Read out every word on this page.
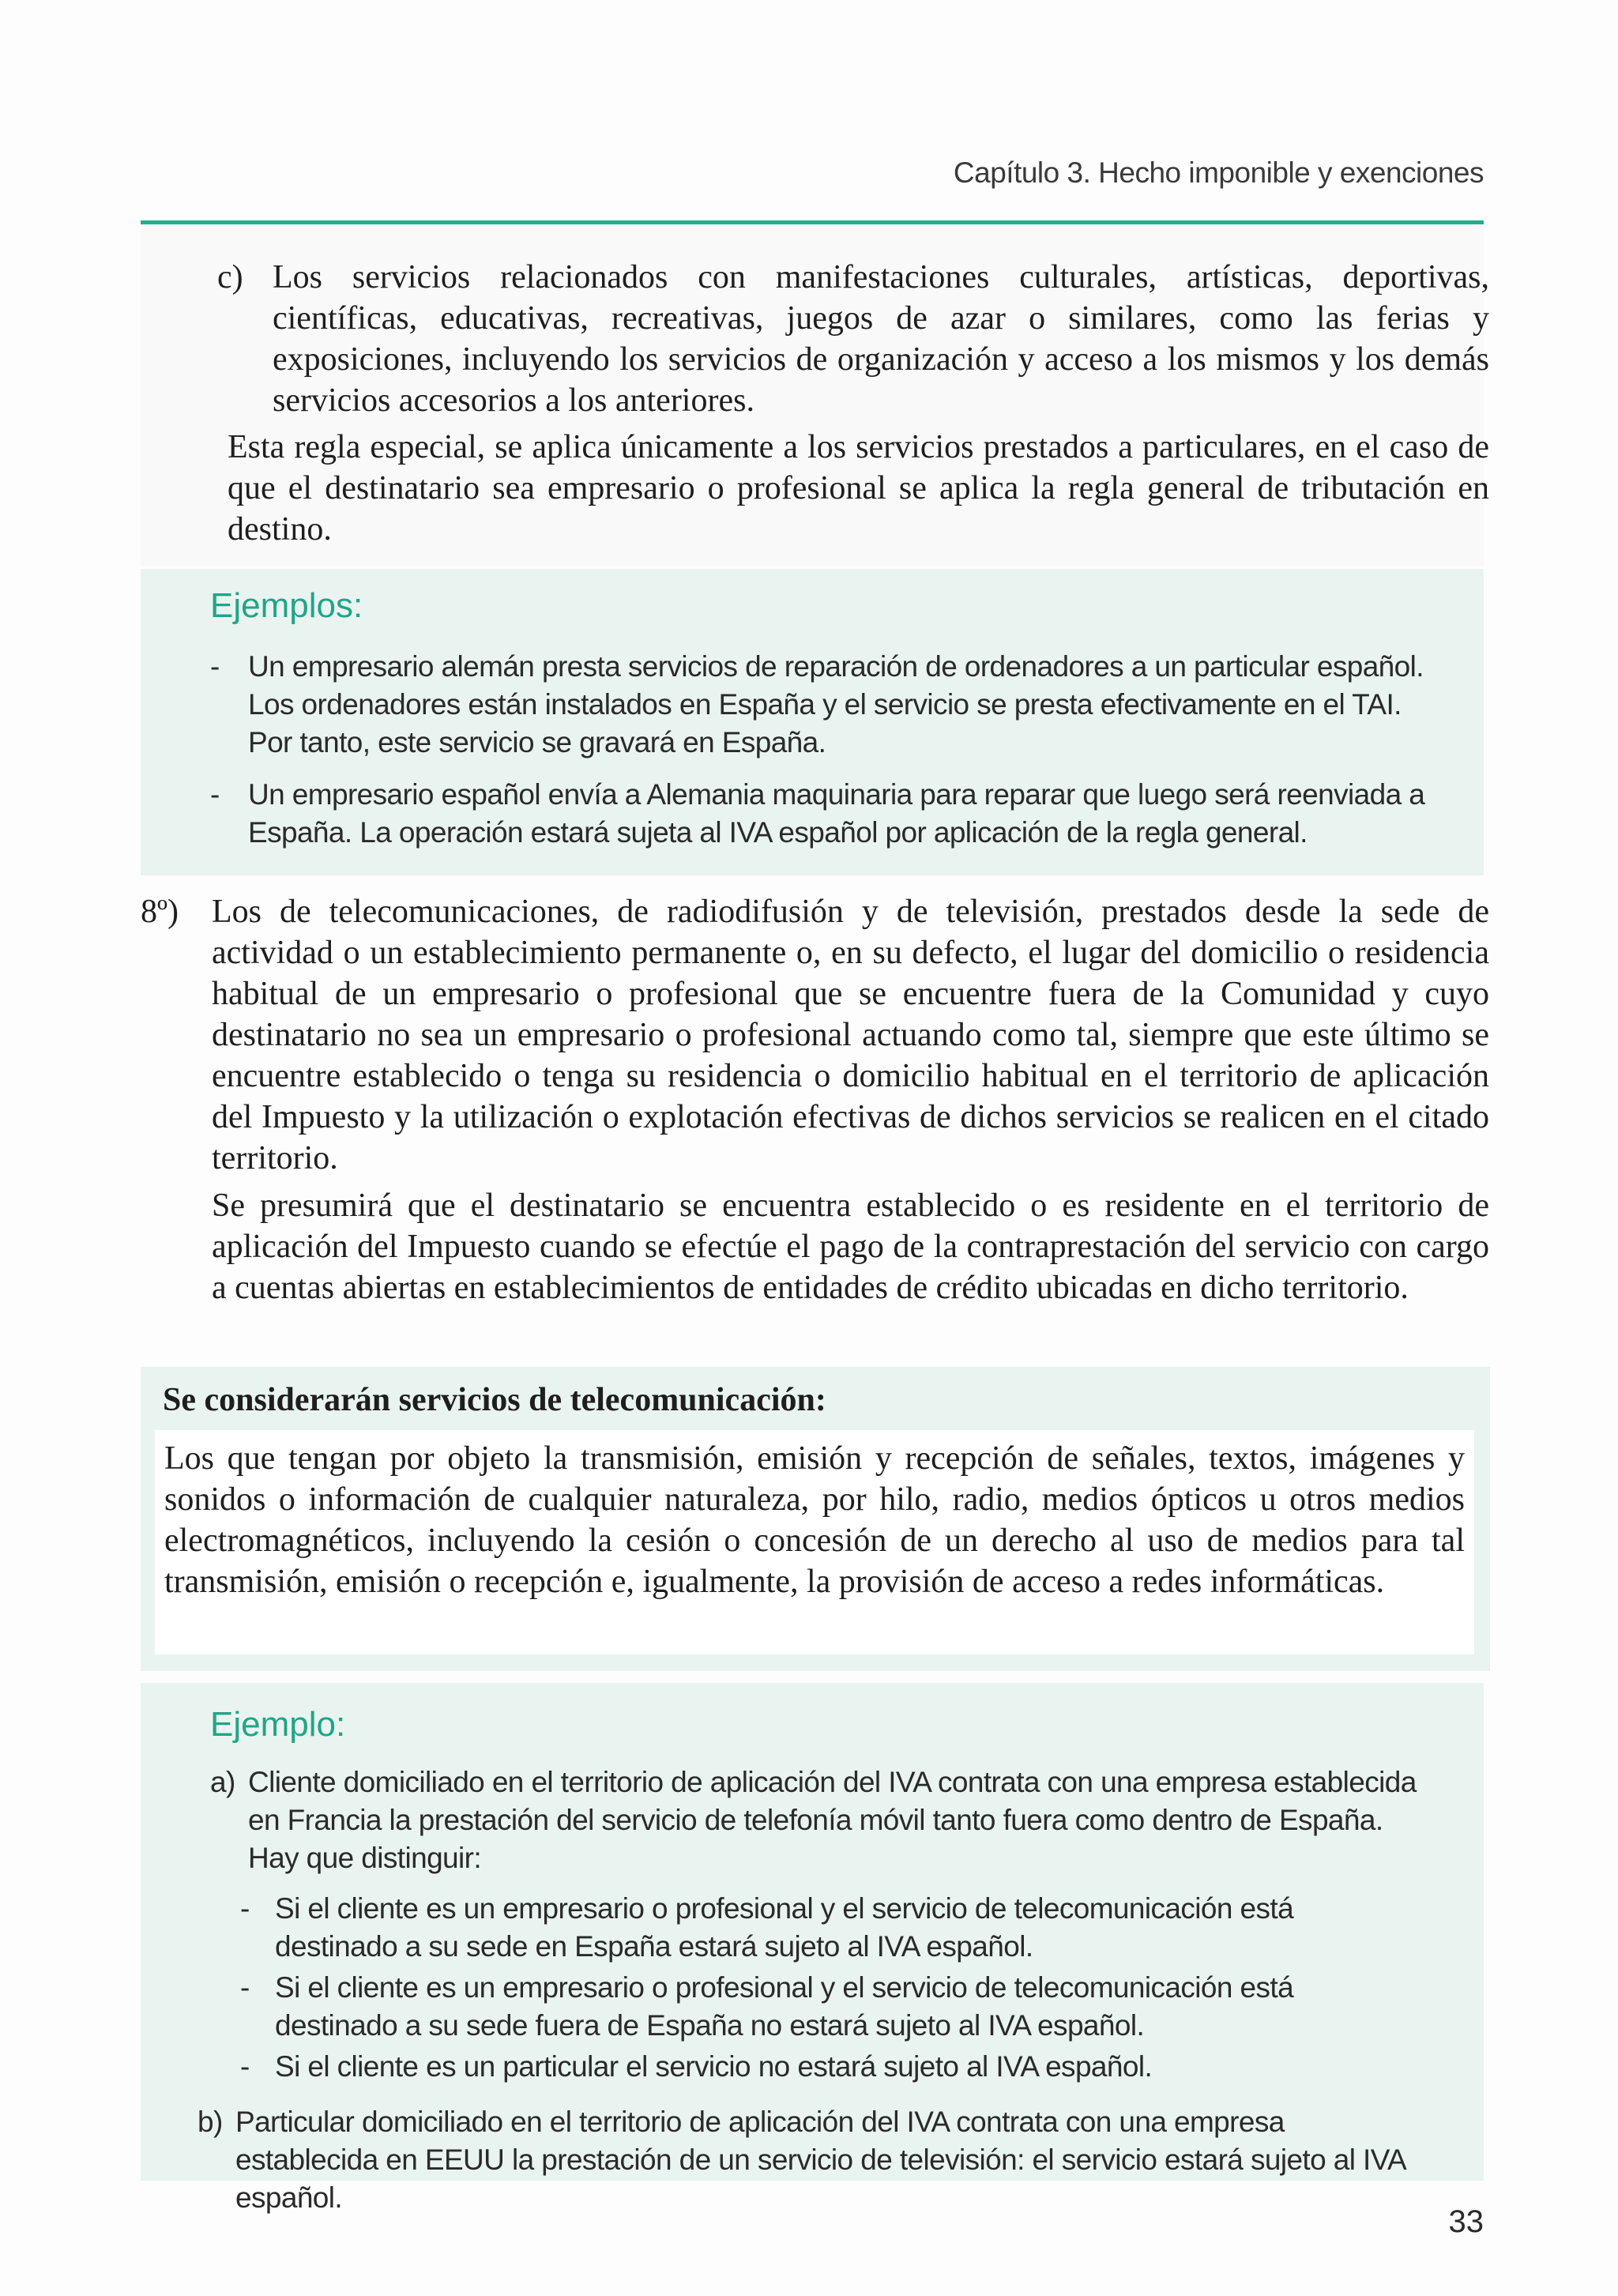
Capítulo 3. Hecho imponible y exenciones
c) Los servicios relacionados con manifestaciones culturales, artísticas, deportivas, científicas, educativas, recreativas, juegos de azar o similares, como las ferias y exposiciones, incluyendo los servicios de organización y acceso a los mismos y los demás servicios accesorios a los anteriores.
Esta regla especial, se aplica únicamente a los servicios prestados a particulares, en el caso de que el destinatario sea empresario o profesional se aplica la regla general de tributación en destino.
Ejemplos:
- Un empresario alemán presta servicios de reparación de ordenadores a un particular español. Los ordenadores están instalados en España y el servicio se presta efectivamente en el TAI. Por tanto, este servicio se gravará en España.
- Un empresario español envía a Alemania maquinaria para reparar que luego será reenviada a España. La operación estará sujeta al IVA español por aplicación de la regla general.
8º) Los de telecomunicaciones, de radiodifusión y de televisión, prestados desde la sede de actividad o un establecimiento permanente o, en su defecto, el lugar del domicilio o residencia habitual de un empresario o profesional que se encuentre fuera de la Comunidad y cuyo destinatario no sea un empresario o profesional actuando como tal, siempre que este último se encuentre establecido o tenga su residencia o domicilio habitual en el territorio de aplicación del Impuesto y la utilización o explotación efectivas de dichos servicios se realicen en el citado territorio.
Se presumirá que el destinatario se encuentra establecido o es residente en el territorio de aplicación del Impuesto cuando se efectúe el pago de la contraprestación del servicio con cargo a cuentas abiertas en establecimientos de entidades de crédito ubicadas en dicho territorio.
Se considerarán servicios de telecomunicación:
Los que tengan por objeto la transmisión, emisión y recepción de señales, textos, imágenes y sonidos o información de cualquier naturaleza, por hilo, radio, medios ópticos u otros medios electromagnéticos, incluyendo la cesión o concesión de un derecho al uso de medios para tal transmisión, emisión o recepción e, igualmente, la provisión de acceso a redes informáticas.
Ejemplo:
a) Cliente domiciliado en el territorio de aplicación del IVA contrata con una empresa establecida en Francia la prestación del servicio de telefonía móvil tanto fuera como dentro de España. Hay que distinguir:
- Si el cliente es un empresario o profesional y el servicio de telecomunicación está destinado a su sede en España estará sujeto al IVA español.
- Si el cliente es un empresario o profesional y el servicio de telecomunicación está destinado a su sede fuera de España no estará sujeto al IVA español.
- Si el cliente es un particular el servicio no estará sujeto al IVA español.
b) Particular domiciliado en el territorio de aplicación del IVA contrata con una empresa establecida en EEUU la prestación de un servicio de televisión: el servicio estará sujeto al IVA español.
33
